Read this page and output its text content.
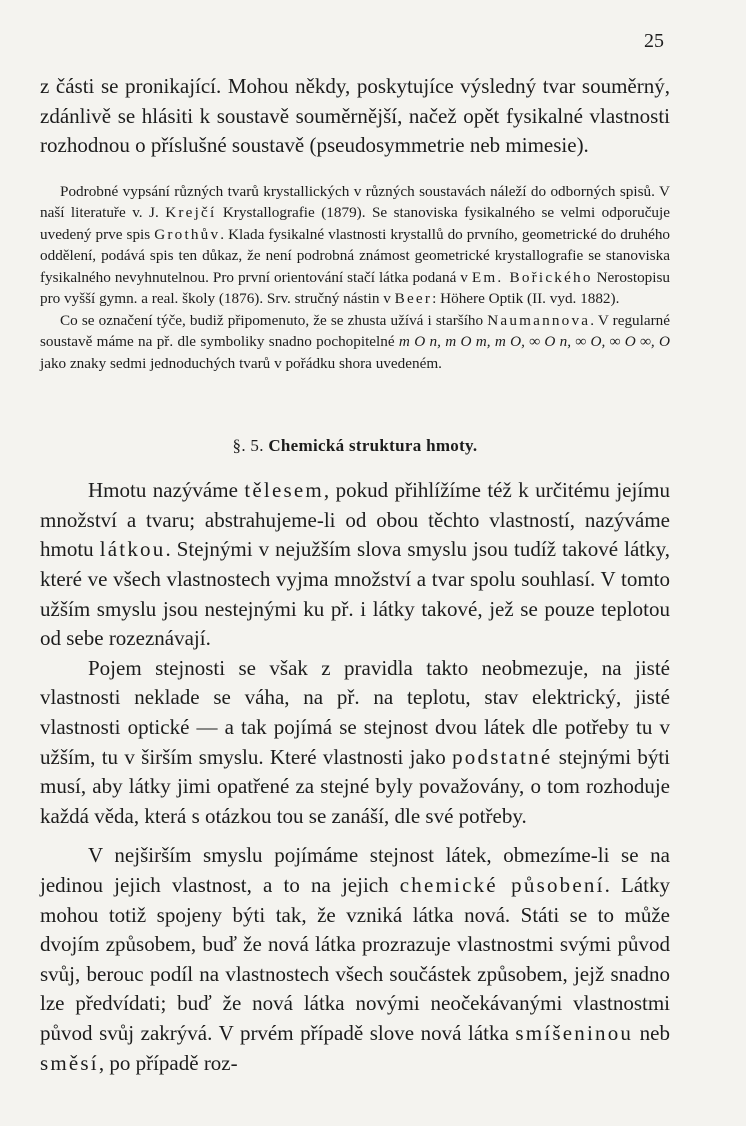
25

z části se pronikající. Mohou někdy, poskytujíce výsledný tvar souměrný, zdánlivě se hlásiti k soustavě souměrnější, načež opět fysikalné vlastnosti rozhodnou o příslušné soustavě (pseudosymmetrie neb mimesie).

Podrobné vypsání různých tvarů krystallických v různých soustavách náleží do odborných spisů. V naší literatuře v. J. Krejčí Krystallografie (1879). Se stanoviska fysikalného se velmi odporučuje uvedený prve spis Grothův. Klada fysikalné vlastnosti krystallů do prvního, geometrické do druhého oddělení, podává spis ten důkaz, že není podrobná známost geometrické krystallografie se stanoviska fysikalného nevyhnutelnou. Pro první orientování stačí látka podaná v Em. Bořického Nerostopisu pro vyšší gymn. a real. školy (1876). Srv. stručný nástin v Beer: Höhere Optik (II. vyd. 1882).

Co se označení týče, budiž připomenuto, že se zhusta užívá i staršího Naumannova. V regularné soustavě máme na př. dle symboliky snadno pochopitelné m O n, m O m, m O, ∞ O n, ∞ O, ∞ O ∞, O jako znaky sedmi jednoduchých tvarů v pořádku shora uvedeném.

§. 5. Chemická struktura hmoty.

Hmotu nazýváme tělesem, pokud přihlížíme též k určitému jejímu množství a tvaru; abstrahujeme-li od obou těchto vlastností, nazýváme hmotu látkou. Stejnými v nejužším slova smyslu jsou tudíž takové látky, které ve všech vlastnostech vyjma množství a tvar spolu souhlasí. V tomto užším smyslu jsou nestejnými ku př. i látky takové, jež se pouze teplotou od sebe rozeznávají.

Pojem stejnosti se však z pravidla takto neobmezuje, na jisté vlastnosti neklade se váha, na př. na teplotu, stav elektrický, jisté vlastnosti optické — a tak pojímá se stejnost dvou látek dle potřeby tu v užším, tu v širším smyslu. Které vlastnosti jako podstatné stejnými býti musí, aby látky jimi opatřené za stejné byly považovány, o tom rozhoduje každá věda, která s otázkou tou se zanáší, dle své potřeby.

V nejširším smyslu pojímáme stejnost látek, obmezíme-li se na jedinou jejich vlastnost, a to na jejich chemické působení. Látky mohou totiž spojeny býti tak, že vzniká látka nová. Státi se to může dvojím způsobem, buď že nová látka prozrazuje vlastnostmi svými původ svůj, berouc podíl na vlastnostech všech součástek způsobem, jejž snadno lze předvídati; buď že nová látka novými neočekávanými vlastnostmi původ svůj zakrývá. V prvém případě slove nová látka smíšeninou neb směsí, po případě roz-
